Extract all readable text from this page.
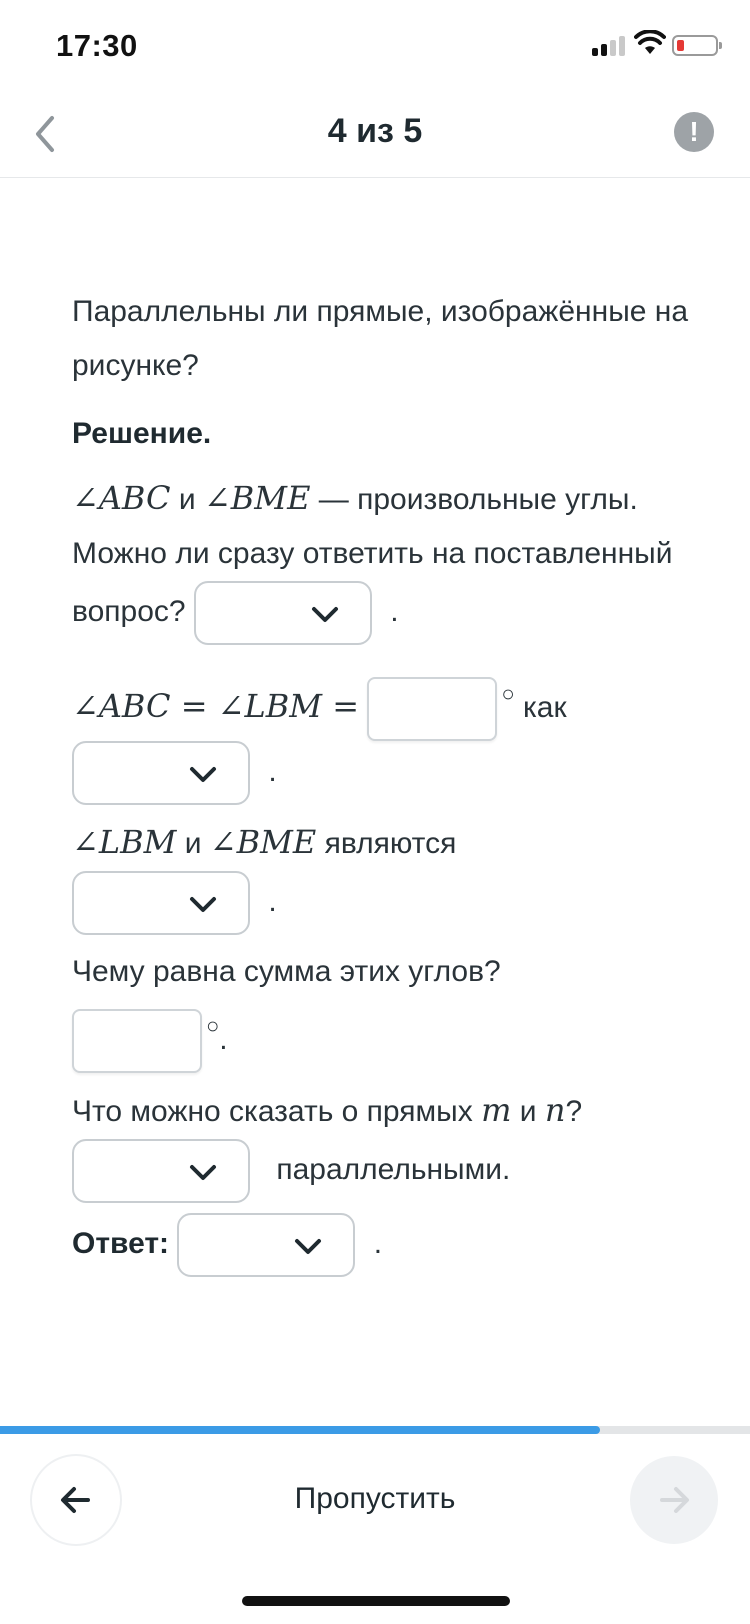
17:30
4 из 5	!
Параллельны ли прямые, изображённые на рисунке?
Решение.
∠ABC и ∠BME — произвольные углы. Можно ли сразу ответить на поставленный вопрос?	.
∠ABC = ∠LBM =	○ как
.
∠LBM и ∠BME являются
.
Чему равна сумма этих углов?
○.
Что можно сказать о прямых m и n?
параллельными.
Ответ:	.
Пропустить
